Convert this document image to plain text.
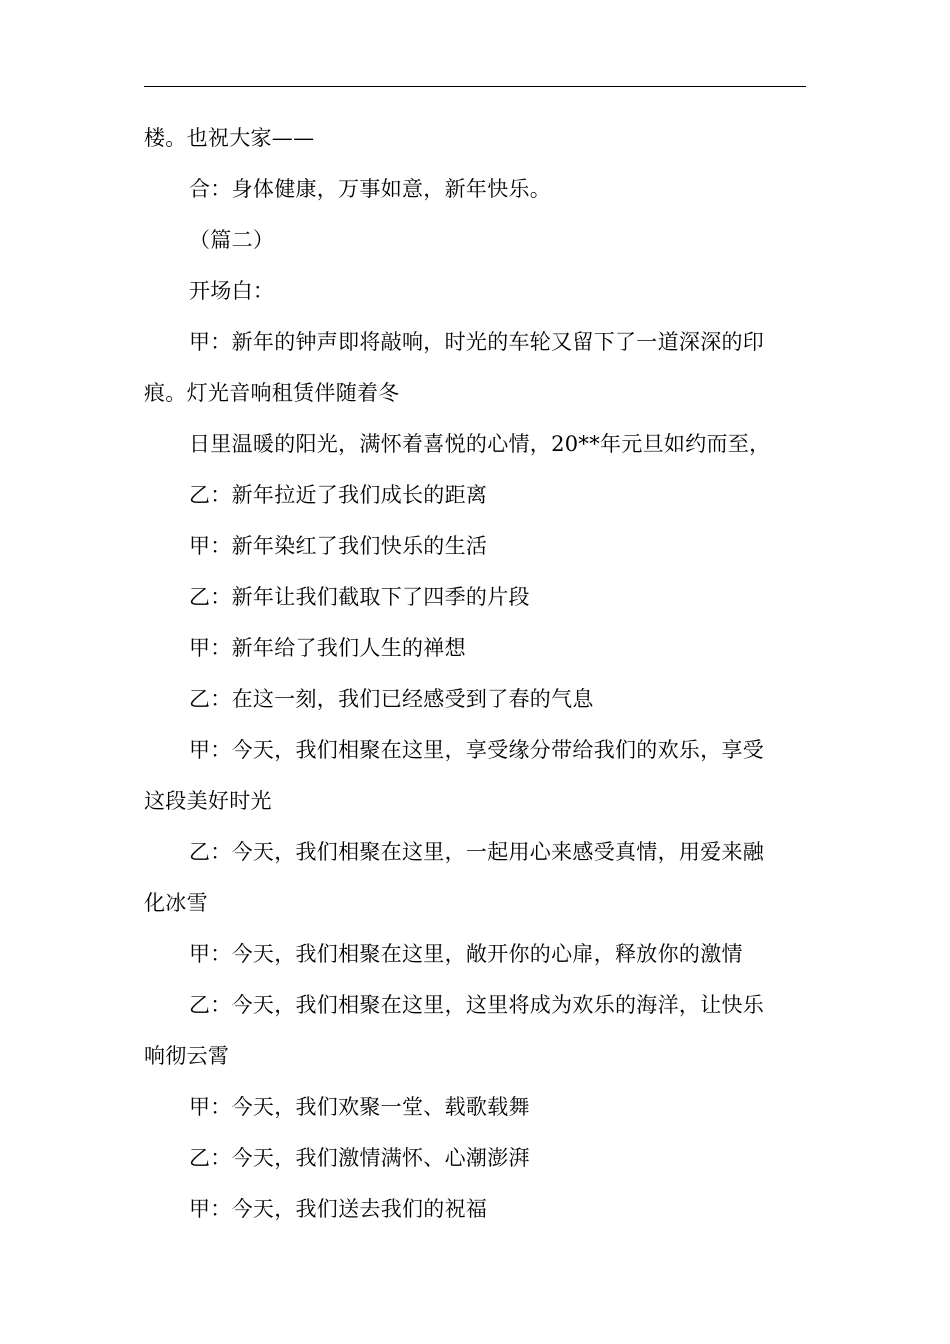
楼。也祝大家——

合：身体健康，万事如意，新年快乐。

（篇二）

开场白：

甲：新年的钟声即将敲响，时光的车轮又留下了一道深深的印

痕。灯光音响租赁伴随着冬

日里温暖的阳光，满怀着喜悦的心情，20**年元旦如约而至，

乙：新年拉近了我们成长的距离

甲：新年染红了我们快乐的生活

乙：新年让我们截取下了四季的片段

甲：新年给了我们人生的禅想

乙：在这一刻，我们已经感受到了春的气息

甲：今天，我们相聚在这里，享受缘分带给我们的欢乐，享受

这段美好时光

乙：今天，我们相聚在这里，一起用心来感受真情，用爱来融

化冰雪

甲：今天，我们相聚在这里，敞开你的心扉，释放你的激情

乙：今天，我们相聚在这里，这里将成为欢乐的海洋，让快乐

响彻云霄

甲：今天，我们欢聚一堂、载歌载舞

乙：今天，我们激情满怀、心潮澎湃

甲：今天，我们送去我们的祝福
